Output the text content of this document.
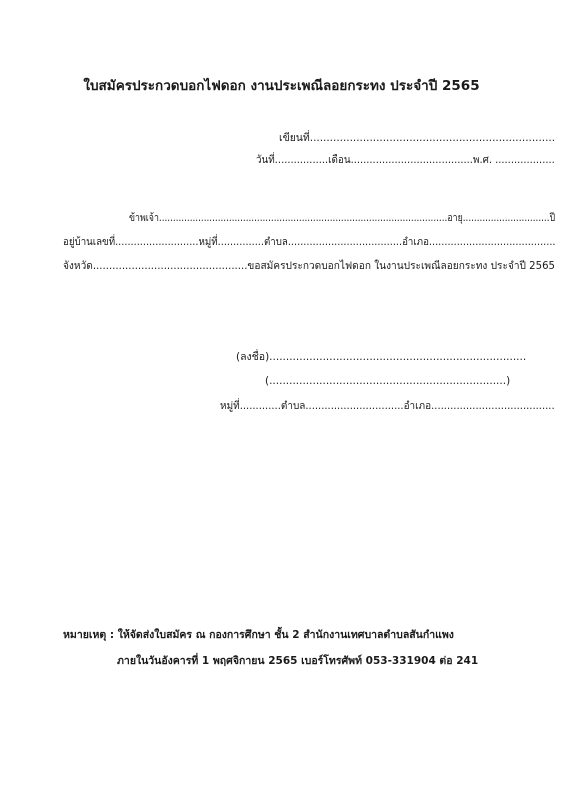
ใบสมัครประกวดบอกไฟดอก งานประเพณีลอยกระทง ประจำปี 2565
เขียนที่..........................................................................
วันที่.................เดือน.......................................พ.ศ. ...................
ข้าพเจ้า.......................................................................................................อายุ...............................ปี
อยู่บ้านเลขที่...........................หมู่ที่...............ตำบล.....................................อำเภอ.........................................
จังหวัด................................................ขอสมัครประกวดบอกไฟดอก ในงานประเพณีลอยกระทง ประจำปี 2565
(ลงชื่อ).............................................................................
(.......................................................................)
หมู่ที่.............ตำบล...............................อำเภอ.......................................
หมายเหตุ : ให้จัดส่งใบสมัคร ณ กองการศึกษา ชั้น 2 สำนักงานเทศบาลตำบลสันกำแพง
ภายในวันอังคารที่ 1 พฤศจิกายน 2565 เบอร์โทรศัพท์ 053-331904 ต่อ 241
